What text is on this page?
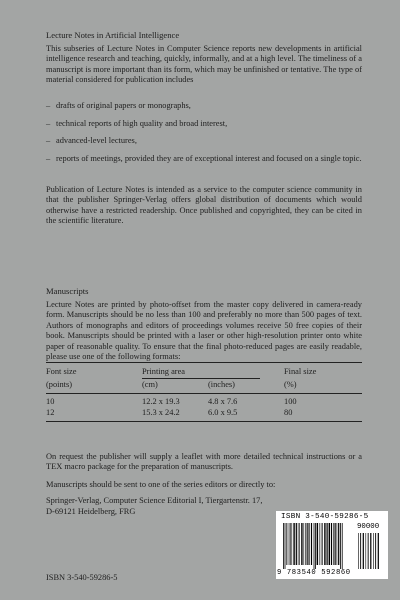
Lecture Notes in Artificial Intelligence

This subseries of Lecture Notes in Computer Science reports new developments in artificial intelligence research and teaching, quickly, informally, and at a high level. The timeliness of a manuscript is more important than its form, which may be unfinished or tentative. The type of material considered for publication includes

– drafts of original papers or monographs,
– technical reports of high quality and broad interest,
– advanced-level lectures,
– reports of meetings, provided they are of exceptional interest and focused on a single topic.

Publication of Lecture Notes is intended as a service to the computer science community in that the publisher Springer-Verlag offers global distribution of documents which would otherwise have a restricted readership. Once published and copyrighted, they can be cited in the scientific literature.

Manuscripts

Lecture Notes are printed by photo-offset from the master copy delivered in camera-ready form. Manuscripts should be no less than 100 and preferably no more than 500 pages of text. Authors of monographs and editors of proceedings volumes receive 50 free copies of their book. Manuscripts should be printed with a laser or other high-resolution printer onto white paper of reasonable quality. To ensure that the final photo-reduced pages are easily readable, please use one of the following formats:

Font size	Printing area	Final size
(points)	(cm)	(inches)	(%)
10	12.2 x 19.3	4.8 x 7.6	100
12	15.3 x 24.2	6.0 x 9.5	80

On request the publisher will supply a leaflet with more detailed technical instructions or a TEX macro package for the preparation of manuscripts.

Manuscripts should be sent to one of the series editors or directly to:
Springer-Verlag, Computer Science Editorial I, Tiergartenstr. 17,
D-69121 Heidelberg, FRG
ISBN 3-540-59286-5
ISBN 3-540-59286-5
90000
9 783540 592860
